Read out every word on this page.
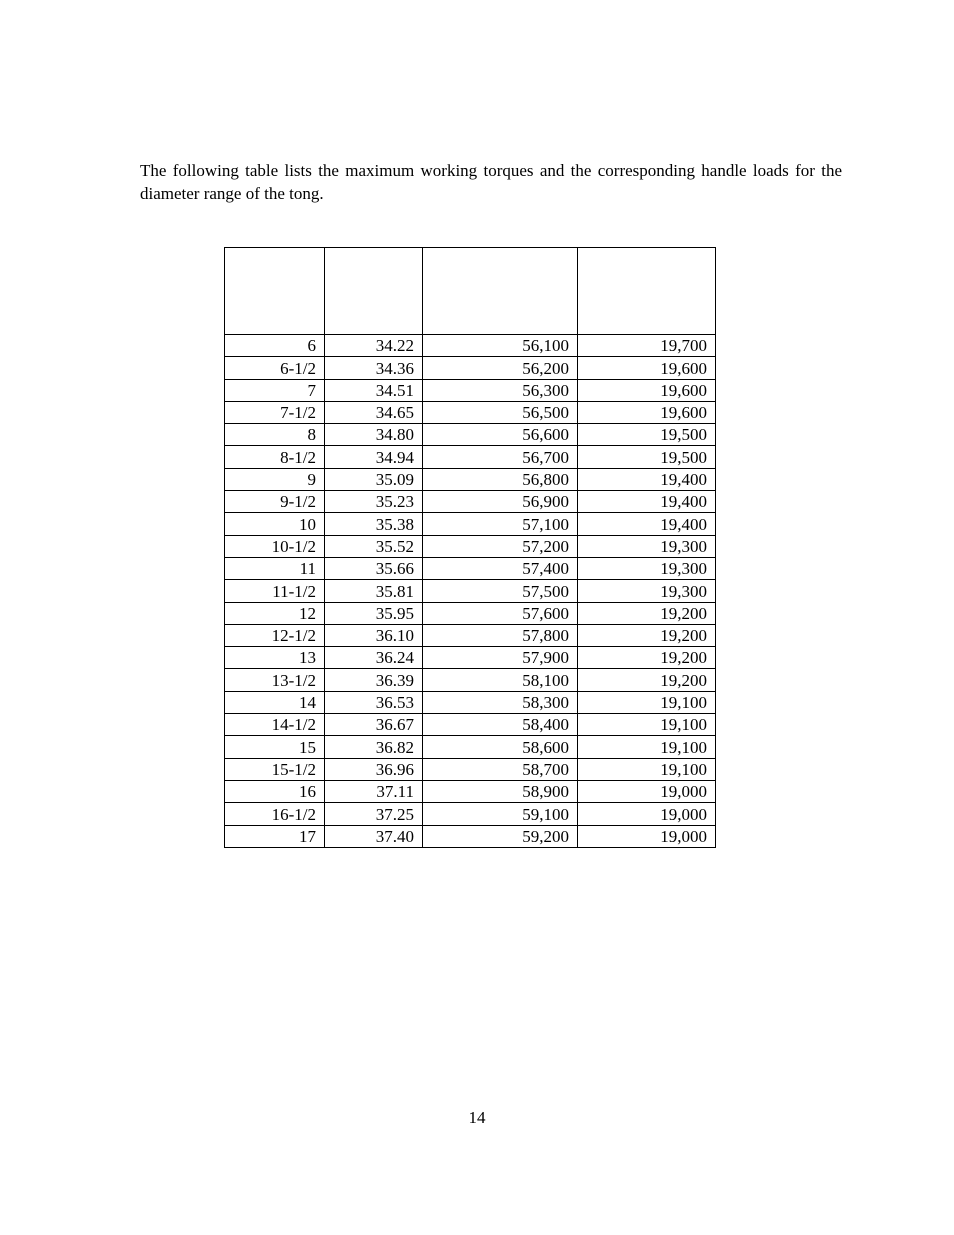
The following table lists the maximum working torques and the corresponding handle loads for the diameter range of the tong.

6	34.22	56,100	19,700
6-1/2	34.36	56,200	19,600
7	34.51	56,300	19,600
7-1/2	34.65	56,500	19,600
8	34.80	56,600	19,500
8-1/2	34.94	56,700	19,500
9	35.09	56,800	19,400
9-1/2	35.23	56,900	19,400
10	35.38	57,100	19,400
10-1/2	35.52	57,200	19,300
11	35.66	57,400	19,300
11-1/2	35.81	57,500	19,300
12	35.95	57,600	19,200
12-1/2	36.10	57,800	19,200
13	36.24	57,900	19,200
13-1/2	36.39	58,100	19,200
14	36.53	58,300	19,100
14-1/2	36.67	58,400	19,100
15	36.82	58,600	19,100
15-1/2	36.96	58,700	19,100
16	37.11	58,900	19,000
16-1/2	37.25	59,100	19,000
17	37.40	59,200	19,000
14
